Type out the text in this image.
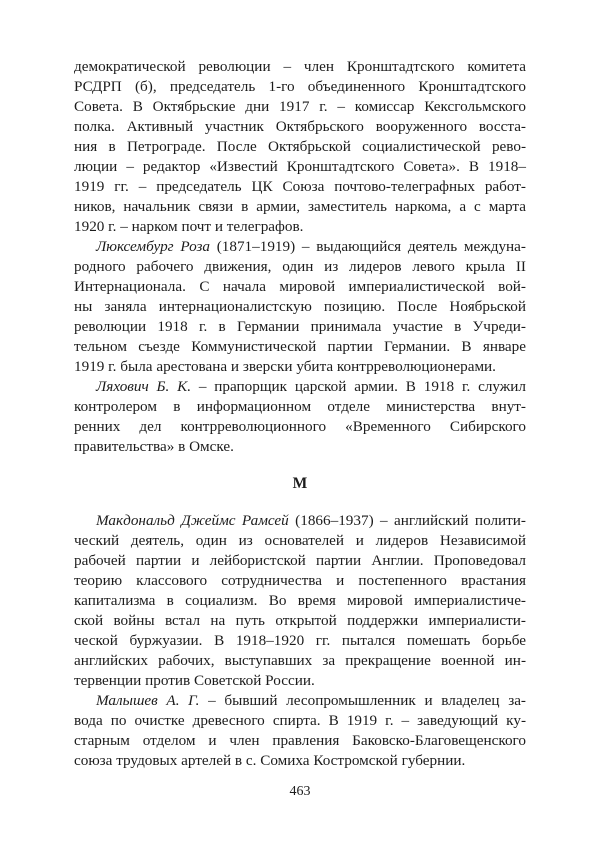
демократической революции – член Кронштадтского комитета
РСДРП (б), председатель 1-го объединенного Кронштадтского
Совета. В Октябрьские дни 1917 г. – комиссар Кексгольмского
полка. Активный участник Октябрьского вооруженного восста-
ния в Петрограде. После Октябрьской социалистической рево-
люции – редактор «Известий Кронштадтского Совета». В 1918–
1919 гг. – председатель ЦК Союза почтово-телеграфных работ-
ников, начальник связи в армии, заместитель наркома, а с марта
1920 г. – нарком почт и телеграфов.
Люксембург Роза (1871–1919) – выдающийся деятель междуна-
родного рабочего движения, один из лидеров левого крыла II
Интернационала. С начала мировой империалистической вой-
ны заняла интернационалистскую позицию. После Ноябрьской
революции 1918 г. в Германии принимала участие в Учреди-
тельном съезде Коммунистической партии Германии. В январе
1919 г. была арестована и зверски убита контрреволюционерами.
Ляхович Б. К. – прапорщик царской армии. В 1918 г. служил
контролером в информационном отделе министерства внут-
ренних дел контрреволюционного «Временного Сибирского
правительства» в Омске.
М
Макдональд Джеймс Рамсей (1866–1937) – английский полити-
ческий деятель, один из основателей и лидеров Независимой
рабочей партии и лейбористской партии Англии. Проповедовал
теорию классового сотрудничества и постепенного врастания
капитализма в социализм. Во время мировой империалистиче-
ской войны встал на путь открытой поддержки империалисти-
ческой буржуазии. В 1918–1920 гг. пытался помешать борьбе
английских рабочих, выступавших за прекращение военной ин-
тервенции против Советской России.
Малышев А. Г. – бывший лесопромышленник и владелец за-
вода по очистке древесного спирта. В 1919 г. – заведующий ку-
старным отделом и член правления Баковско-Благовещенского
союза трудовых артелей в с. Сомиха Костромской губернии.
463
